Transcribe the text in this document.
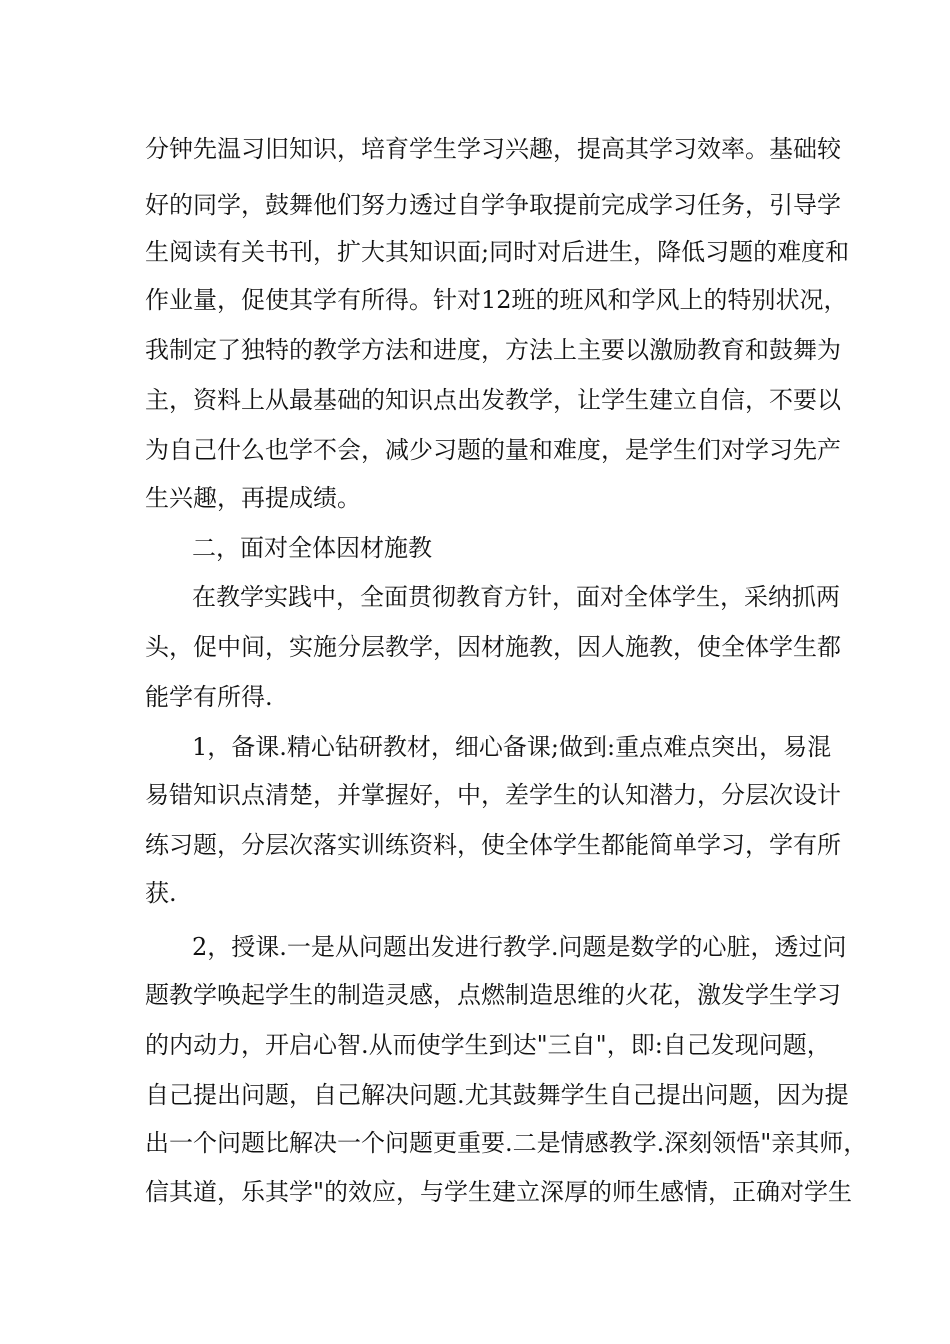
分钟先温习旧知识，培育学生学习兴趣，提高其学习效率。基础较
好的同学，鼓舞他们努力透过自学争取提前完成学习任务，引导学
生阅读有关书刊，扩大其知识面;同时对后进生，降低习题的难度和
作业量，促使其学有所得。针对12班的班风和学风上的特别状况，
我制定了独特的教学方法和进度，方法上主要以激励教育和鼓舞为
主，资料上从最基础的知识点出发教学，让学生建立自信，不要以
为自己什么也学不会，减少习题的量和难度，是学生们对学习先产
生兴趣，再提成绩。
二，面对全体因材施教
在教学实践中，全面贯彻教育方针，面对全体学生，采纳抓两
头，促中间，实施分层教学，因材施教，因人施教，使全体学生都
能学有所得.
1，备课.精心钻研教材，细心备课;做到:重点难点突出，易混
易错知识点清楚，并掌握好，中，差学生的认知潜力，分层次设计
练习题，分层次落实训练资料，使全体学生都能简单学习，学有所
获.
2，授课.一是从问题出发进行教学.问题是数学的心脏，透过问
题教学唤起学生的制造灵感，点燃制造思维的火花，激发学生学习
的内动力，开启心智.从而使学生到达"三自"，即:自己发现问题，
自己提出问题，自己解决问题.尤其鼓舞学生自己提出问题，因为提
出一个问题比解决一个问题更重要.二是情感教学.深刻领悟"亲其师，
信其道，乐其学"的效应，与学生建立深厚的师生感情，正确对学生
